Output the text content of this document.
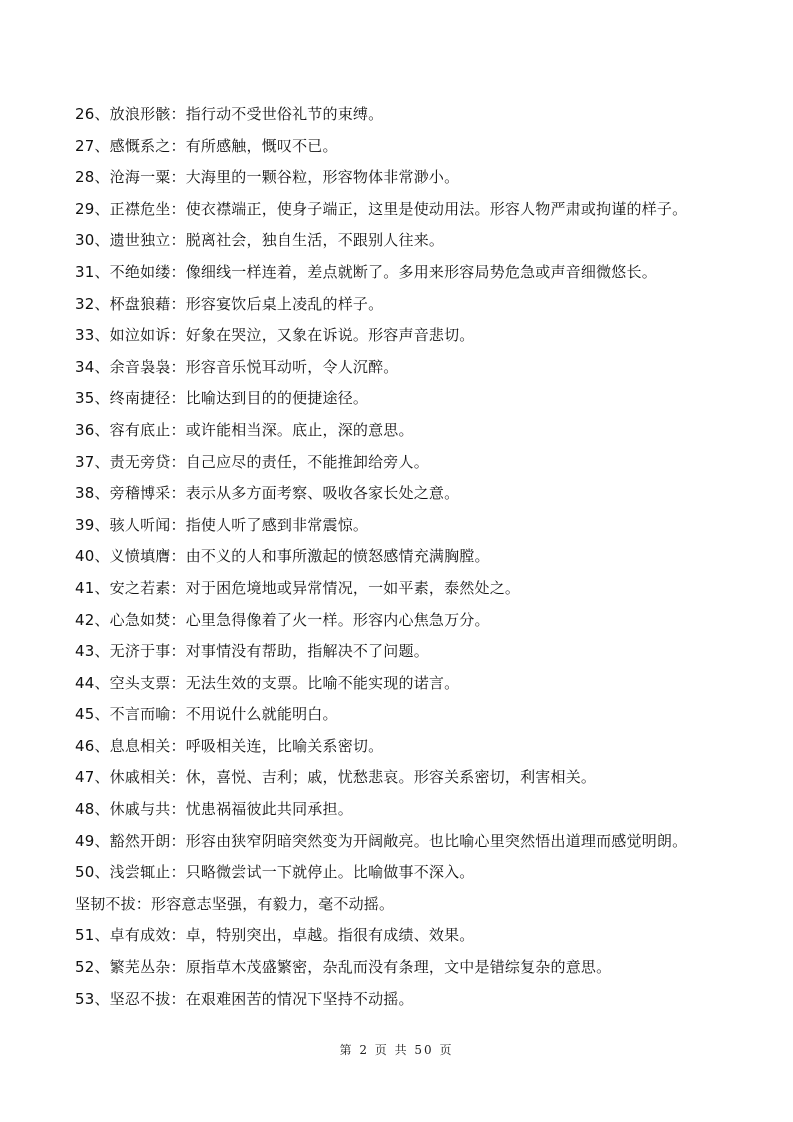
26、放浪形骸：指行动不受世俗礼节的束缚。
27、感慨系之：有所感触，慨叹不已。
28、沧海一粟：大海里的一颗谷粒，形容物体非常渺小。
29、正襟危坐：使衣襟端正，使身子端正，这里是使动用法。形容人物严肃或拘谨的样子。
30、遗世独立：脱离社会，独自生活，不跟别人往来。
31、不绝如缕：像细线一样连着，差点就断了。多用来形容局势危急或声音细微悠长。
32、杯盘狼藉：形容宴饮后桌上凌乱的样子。
33、如泣如诉：好象在哭泣，又象在诉说。形容声音悲切。
34、余音袅袅：形容音乐悦耳动听，令人沉醉。
35、终南捷径：比喻达到目的的便捷途径。
36、容有底止：或许能相当深。底止，深的意思。
37、责无旁贷：自己应尽的责任，不能推卸给旁人。
38、旁稽博采：表示从多方面考察、吸收各家长处之意。
39、骇人听闻：指使人听了感到非常震惊。
40、义愤填膺：由不义的人和事所激起的愤怒感情充满胸膛。
41、安之若素：对于困危境地或异常情况，一如平素，泰然处之。
42、心急如焚：心里急得像着了火一样。形容内心焦急万分。
43、无济于事：对事情没有帮助，指解决不了问题。
44、空头支票：无法生效的支票。比喻不能实现的诺言。
45、不言而喻：不用说什么就能明白。
46、息息相关：呼吸相关连，比喻关系密切。
47、休戚相关：休，喜悦、吉利；戚，忧愁悲哀。形容关系密切，利害相关。
48、休戚与共：忧患祸福彼此共同承担。
49、豁然开朗：形容由狭窄阴暗突然变为开阔敞亮。也比喻心里突然悟出道理而感觉明朗。
50、浅尝辄止：只略微尝试一下就停止。比喻做事不深入。
坚韧不拔：形容意志坚强，有毅力，毫不动摇。
51、卓有成效：卓，特别突出，卓越。指很有成绩、效果。
52、繁芜丛杂：原指草木茂盛繁密，杂乱而没有条理，文中是错综复杂的意思。
53、坚忍不拔：在艰难困苦的情况下坚持不动摇。
第 2 页 共 50 页
